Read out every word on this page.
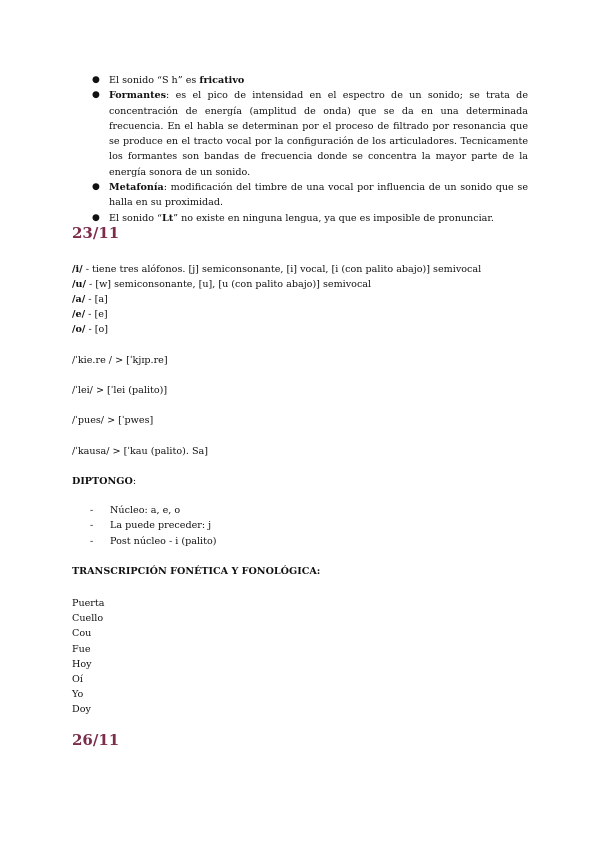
● El sonido “S h” es fricativo
● Formantes: es el pico de intensidad en el espectro de un sonido; se trata de concentración de energía (amplitud de onda) que se da en una determinada frecuencia. En el habla se determinan por el proceso de filtrado por resonancia que se produce en el tracto vocal por la configuración de los articuladores. Tecnicamente los formantes son bandas de frecuencia donde se concentra la mayor parte de la energía sonora de un sonido.
● Metafonía: modificación del timbre de una vocal por influencia de un sonido que se halla en su proximidad.
● El sonido “Lt” no existe en ninguna lengua, ya que es imposible de pronunciar.
23/11
/i/ - tiene tres alófonos. [j] semiconsonante, [i] vocal, [i (con palito abajo)] semivocal
/u/ - [w] semiconsonante, [u], [u (con palito abajo)] semivocal
/a/ - [a]
/e/ - [e]
/o/ - [o]
/ˈkie.re / > [ˈkjɪp.re]
/ˈlei/ > [ˈlei (palito)]
/ˈpues/ > [ˈpwes]
/ˈkausa/ > [ˈkau (palito). Sa]
DIPTONGO:
- Núcleo: a, e, o
- La puede preceder: j
- Post núcleo - i (palito)
TRANSCRIPCIÓN FONÉTICA Y FONOLÓGICA:
Puerta
Cuello
Cou
Fue
Hoy
Oí
Yo
Doy
26/11
